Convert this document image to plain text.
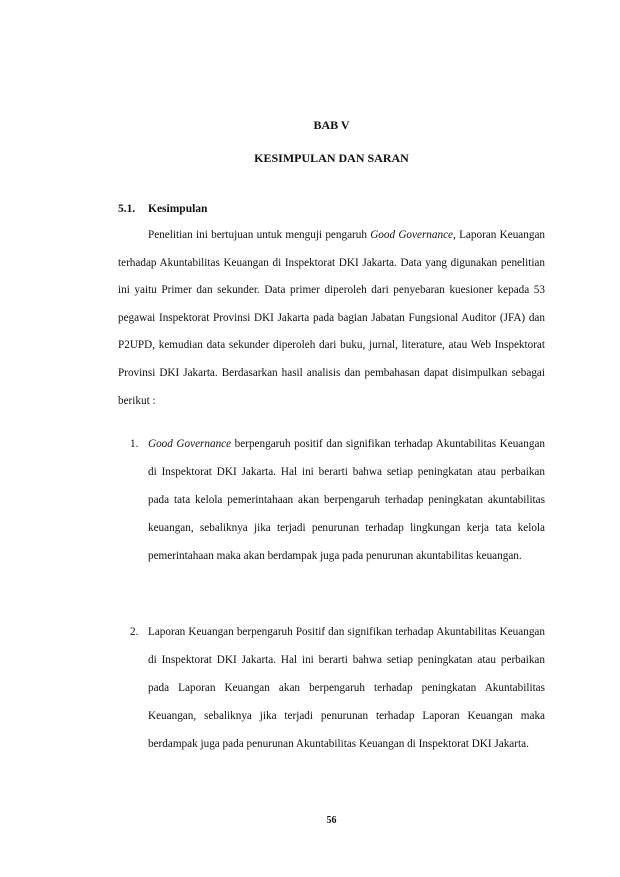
BAB V
KESIMPULAN DAN SARAN
5.1. Kesimpulan

Penelitian ini bertujuan untuk menguji pengaruh Good Governance, Laporan Keuangan terhadap Akuntabilitas Keuangan di Inspektorat DKI Jakarta. Data yang digunakan penelitian ini yaitu Primer dan sekunder. Data primer diperoleh dari penyebaran kuesioner kepada 53 pegawai Inspektorat Provinsi DKI Jakarta pada bagian Jabatan Fungsional Auditor (JFA) dan P2UPD, kemudian data sekunder diperoleh dari buku, jurnal, literature, atau Web Inspektorat Provinsi DKI Jakarta. Berdasarkan hasil analisis dan pembahasan dapat disimpulkan sebagai berikut :

1. Good Governance berpengaruh positif dan signifikan terhadap Akuntabilitas Keuangan di Inspektorat DKI Jakarta. Hal ini berarti bahwa setiap peningkatan atau perbaikan pada tata kelola pemerintahaan akan berpengaruh terhadap peningkatan akuntabilitas keuangan, sebaliknya jika terjadi penurunan terhadap lingkungan kerja tata kelola pemerintahaan maka akan berdampak juga pada penurunan akuntabilitas keuangan.

2. Laporan Keuangan berpengaruh Positif dan signifikan terhadap Akuntabilitas Keuangan di Inspektorat DKI Jakarta. Hal ini berarti bahwa setiap peningkatan atau perbaikan pada Laporan Keuangan akan berpengaruh terhadap peningkatan Akuntabilitas Keuangan, sebaliknya jika terjadi penurunan terhadap Laporan Keuangan maka berdampak juga pada penurunan Akuntabilitas Keuangan di Inspektorat DKI Jakarta.

56
